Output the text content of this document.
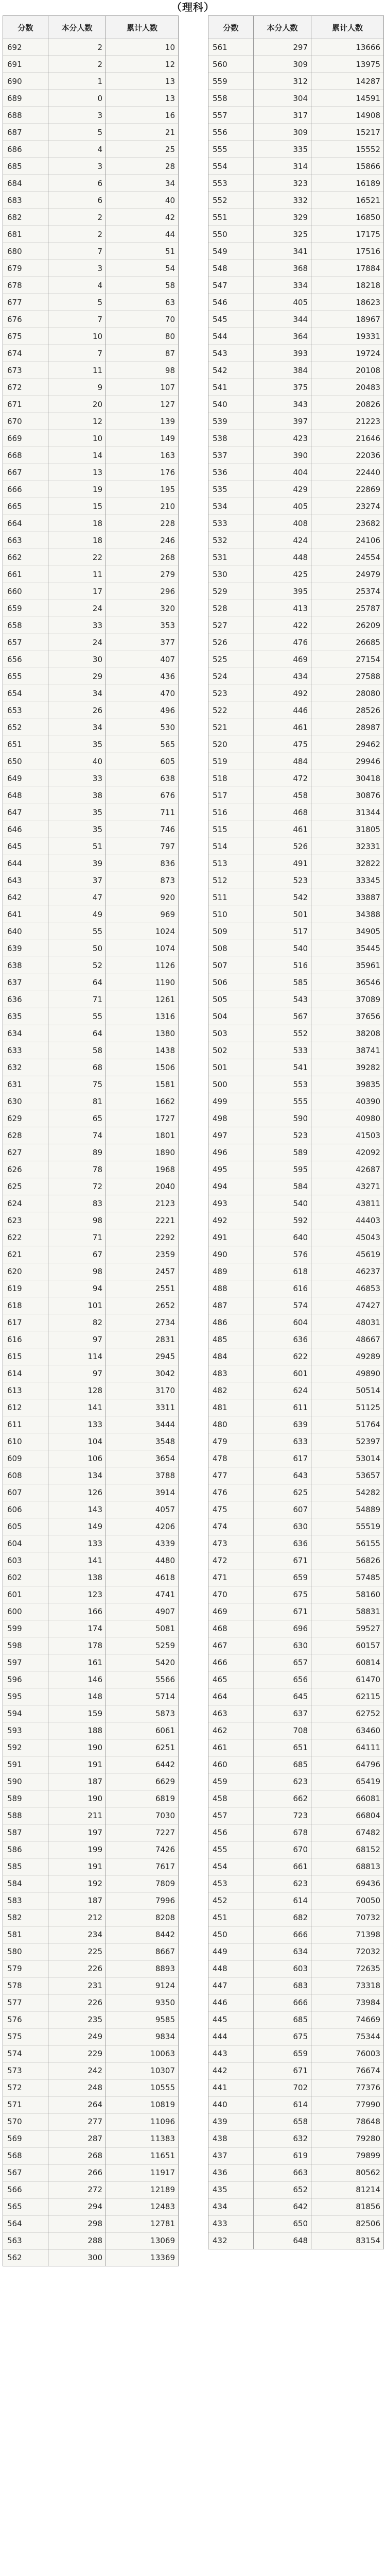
（理科）
分数	本分人数	累计人数
692	2	10
691	2	12
690	1	13
689	0	13
688	3	16
687	5	21
686	4	25
685	3	28
684	6	34
683	6	40
682	2	42
681	2	44
680	7	51
679	3	54
678	4	58
677	5	63
676	7	70
675	10	80
674	7	87
673	11	98
672	9	107
671	20	127
670	12	139
669	10	149
668	14	163
667	13	176
666	19	195
665	15	210
664	18	228
663	18	246
662	22	268
661	11	279
660	17	296
659	24	320
658	33	353
657	24	377
656	30	407
655	29	436
654	34	470
653	26	496
652	34	530
651	35	565
650	40	605
649	33	638
648	38	676
647	35	711
646	35	746
645	51	797
644	39	836
643	37	873
642	47	920
641	49	969
640	55	1024
639	50	1074
638	52	1126
637	64	1190
636	71	1261
635	55	1316
634	64	1380
633	58	1438
632	68	1506
631	75	1581
630	81	1662
629	65	1727
628	74	1801
627	89	1890
626	78	1968
625	72	2040
624	83	2123
623	98	2221
622	71	2292
621	67	2359
620	98	2457
619	94	2551
618	101	2652
617	82	2734
616	97	2831
615	114	2945
614	97	3042
613	128	3170
612	141	3311
611	133	3444
610	104	3548
609	106	3654
608	134	3788
607	126	3914
606	143	4057
605	149	4206
604	133	4339
603	141	4480
602	138	4618
601	123	4741
600	166	4907
599	174	5081
598	178	5259
597	161	5420
596	146	5566
595	148	5714
594	159	5873
593	188	6061
592	190	6251
591	191	6442
590	187	6629
589	190	6819
588	211	7030
587	197	7227
586	199	7426
585	191	7617
584	192	7809
583	187	7996
582	212	8208
581	234	8442
580	225	8667
579	226	8893
578	231	9124
577	226	9350
576	235	9585
575	249	9834
574	229	10063
573	242	10307
572	248	10555
571	264	10819
570	277	11096
569	287	11383
568	268	11651
567	266	11917
566	272	12189
565	294	12483
564	298	12781
563	288	13069
562	300	13369
分数	本分人数	累计人数
561	297	13666
560	309	13975
559	312	14287
558	304	14591
557	317	14908
556	309	15217
555	335	15552
554	314	15866
553	323	16189
552	332	16521
551	329	16850
550	325	17175
549	341	17516
548	368	17884
547	334	18218
546	405	18623
545	344	18967
544	364	19331
543	393	19724
542	384	20108
541	375	20483
540	343	20826
539	397	21223
538	423	21646
537	390	22036
536	404	22440
535	429	22869
534	405	23274
533	408	23682
532	424	24106
531	448	24554
530	425	24979
529	395	25374
528	413	25787
527	422	26209
526	476	26685
525	469	27154
524	434	27588
523	492	28080
522	446	28526
521	461	28987
520	475	29462
519	484	29946
518	472	30418
517	458	30876
516	468	31344
515	461	31805
514	526	32331
513	491	32822
512	523	33345
511	542	33887
510	501	34388
509	517	34905
508	540	35445
507	516	35961
506	585	36546
505	543	37089
504	567	37656
503	552	38208
502	533	38741
501	541	39282
500	553	39835
499	555	40390
498	590	40980
497	523	41503
496	589	42092
495	595	42687
494	584	43271
493	540	43811
492	592	44403
491	640	45043
490	576	45619
489	618	46237
488	616	46853
487	574	47427
486	604	48031
485	636	48667
484	622	49289
483	601	49890
482	624	50514
481	611	51125
480	639	51764
479	633	52397
478	617	53014
477	643	53657
476	625	54282
475	607	54889
474	630	55519
473	636	56155
472	671	56826
471	659	57485
470	675	58160
469	671	58831
468	696	59527
467	630	60157
466	657	60814
465	656	61470
464	645	62115
463	637	62752
462	708	63460
461	651	64111
460	685	64796
459	623	65419
458	662	66081
457	723	66804
456	678	67482
455	670	68152
454	661	68813
453	623	69436
452	614	70050
451	682	70732
450	666	71398
449	634	72032
448	603	72635
447	683	73318
446	666	73984
445	685	74669
444	675	75344
443	659	76003
442	671	76674
441	702	77376
440	614	77990
439	658	78648
438	632	79280
437	619	79899
436	663	80562
435	652	81214
434	642	81856
433	650	82506
432	648	83154
